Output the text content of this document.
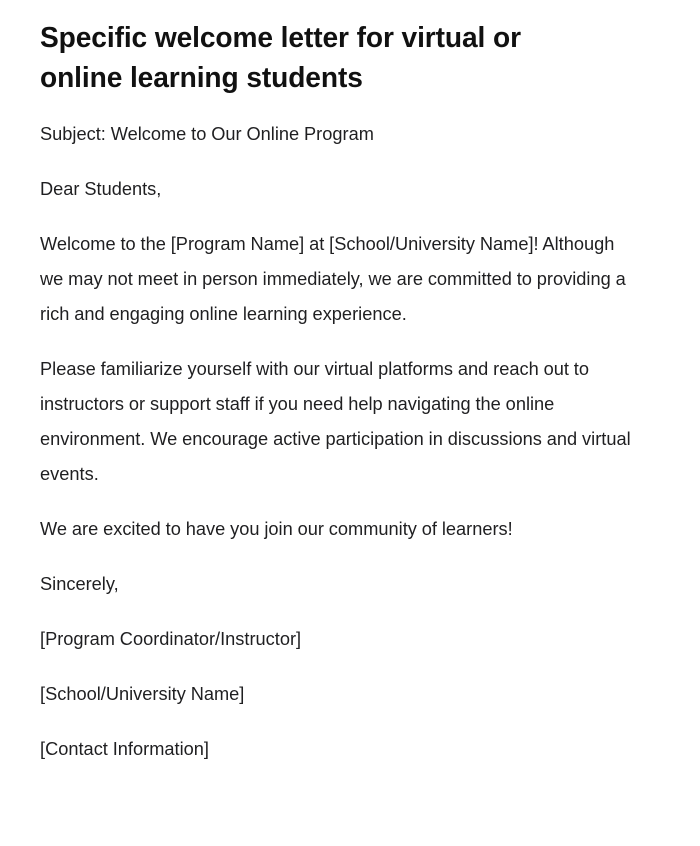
Specific welcome letter for virtual or online learning students

Subject: Welcome to Our Online Program

Dear Students,

Welcome to the [Program Name] at [School/University Name]! Although we may not meet in person immediately, we are committed to providing a rich and engaging online learning experience.

Please familiarize yourself with our virtual platforms and reach out to instructors or support staff if you need help navigating the online environment. We encourage active participation in discussions and virtual events.

We are excited to have you join our community of learners!

Sincerely,

[Program Coordinator/Instructor]

[School/University Name]

[Contact Information]
